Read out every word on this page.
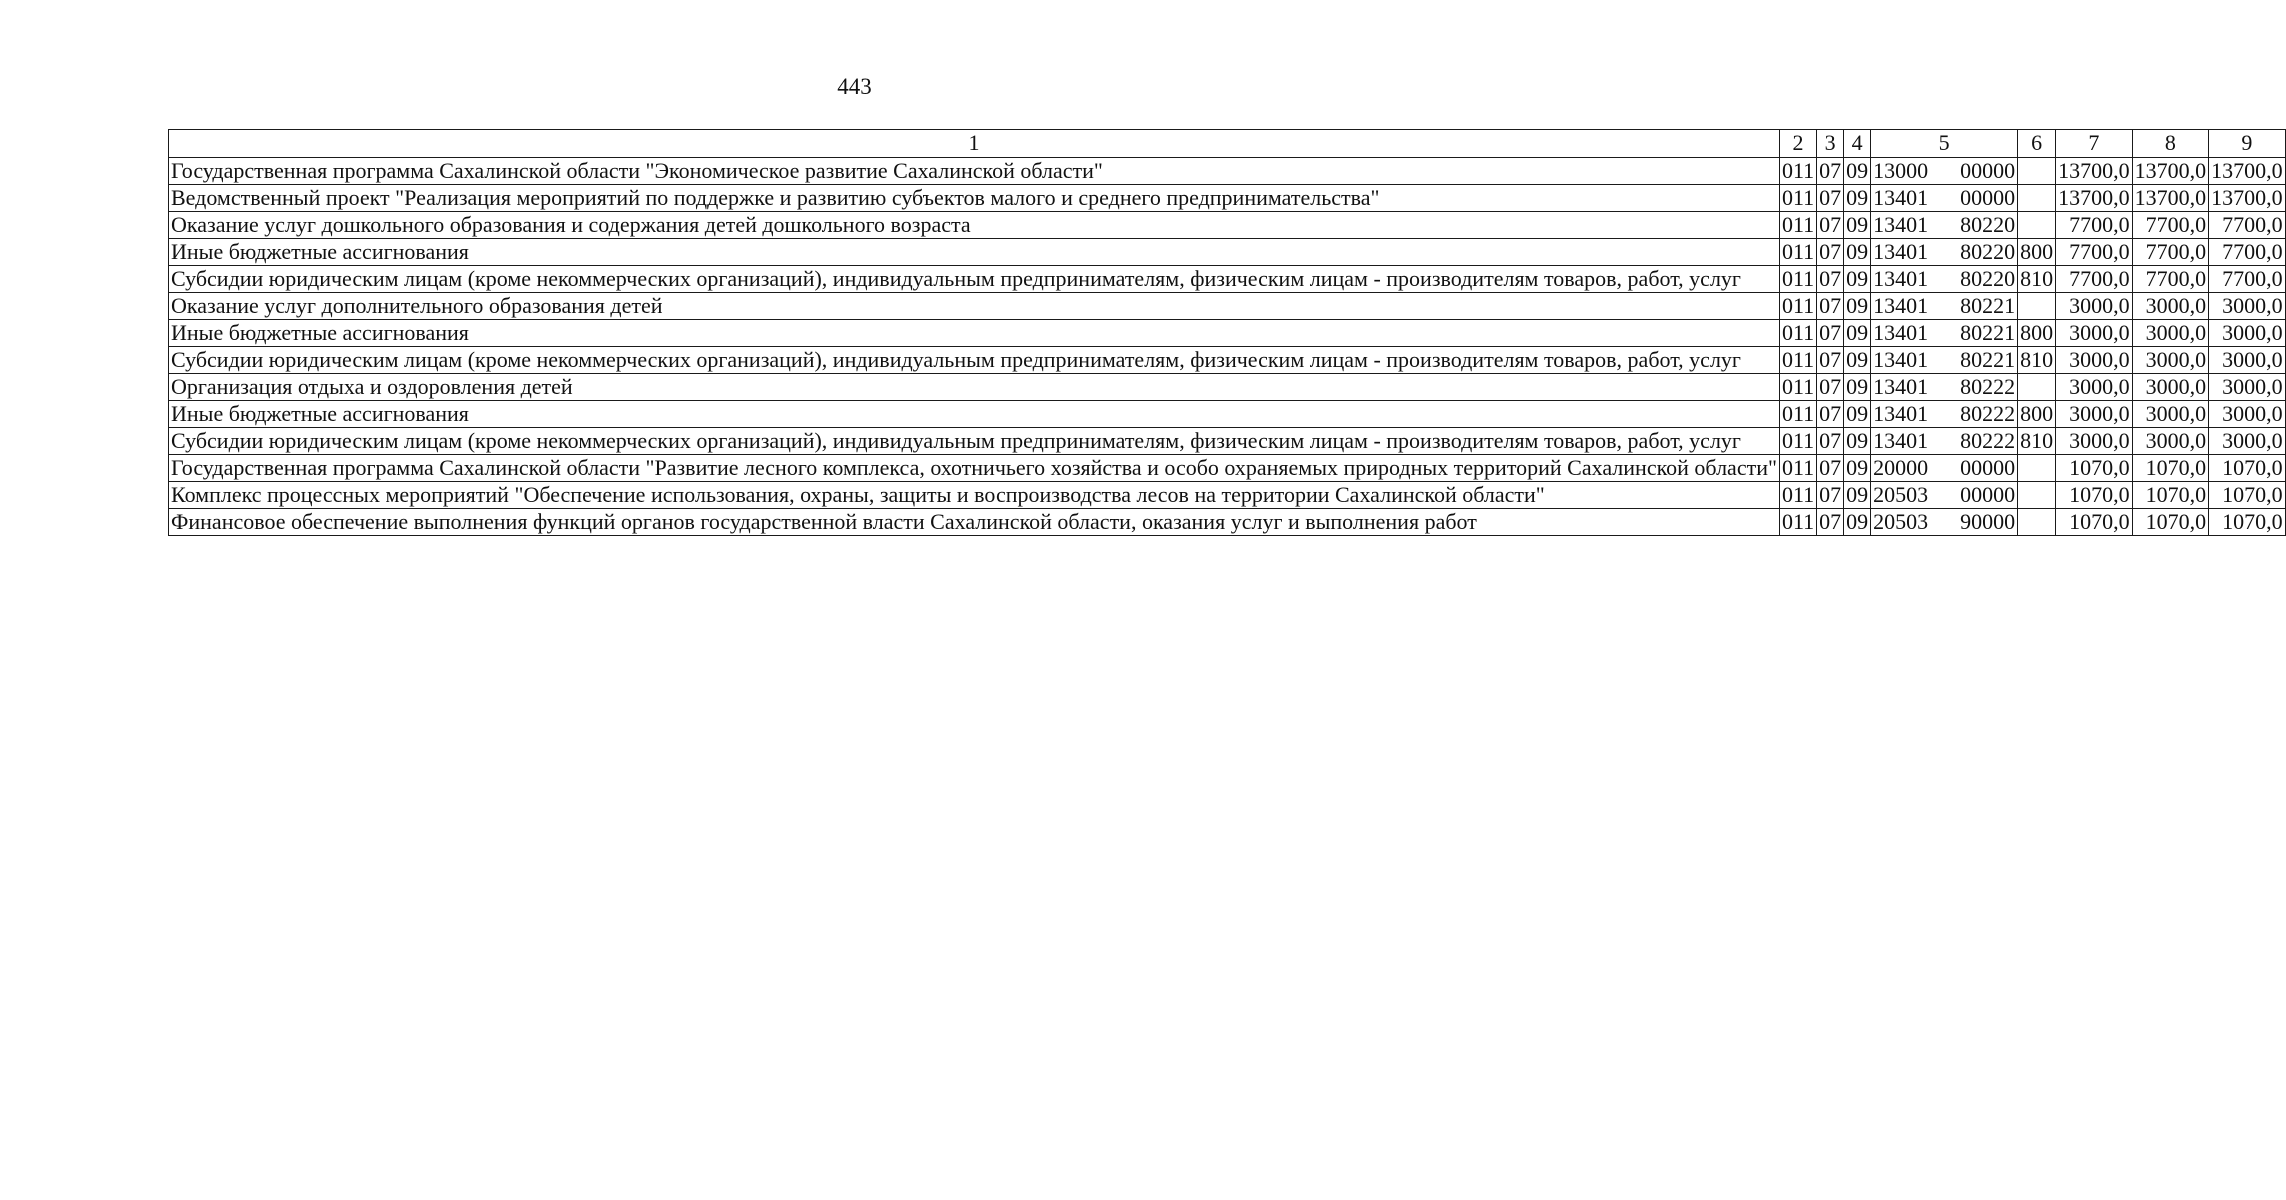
443
1	2	3	4	5	6	7	8	9
Государственная программа Сахалинской области "Экономическое развитие Сахалинской области"	011	07	09	13000 00000		13700,0	13700,0	13700,0
Ведомственный проект "Реализация мероприятий по поддержке и развитию субъектов малого и среднего предпринимательства"	011	07	09	13401 00000		13700,0	13700,0	13700,0
Оказание услуг дошкольного образования и содержания детей дошкольного возраста	011	07	09	13401 80220		7700,0	7700,0	7700,0
Иные бюджетные ассигнования	011	07	09	13401 80220	800	7700,0	7700,0	7700,0
Субсидии юридическим лицам (кроме некоммерческих организаций), индивидуальным предпринимателям, физическим лицам - производителям товаров, работ, услуг	011	07	09	13401 80220	810	7700,0	7700,0	7700,0
Оказание услуг дополнительного образования детей	011	07	09	13401 80221		3000,0	3000,0	3000,0
Иные бюджетные ассигнования	011	07	09	13401 80221	800	3000,0	3000,0	3000,0
Субсидии юридическим лицам (кроме некоммерческих организаций), индивидуальным предпринимателям, физическим лицам - производителям товаров, работ, услуг	011	07	09	13401 80221	810	3000,0	3000,0	3000,0
Организация отдыха и оздоровления детей	011	07	09	13401 80222		3000,0	3000,0	3000,0
Иные бюджетные ассигнования	011	07	09	13401 80222	800	3000,0	3000,0	3000,0
Субсидии юридическим лицам (кроме некоммерческих организаций), индивидуальным предпринимателям, физическим лицам - производителям товаров, работ, услуг	011	07	09	13401 80222	810	3000,0	3000,0	3000,0
Государственная программа Сахалинской области "Развитие лесного комплекса, охотничьего хозяйства и особо охраняемых природных территорий Сахалинской области"	011	07	09	20000 00000		1070,0	1070,0	1070,0
Комплекс процессных мероприятий "Обеспечение использования, охраны, защиты и воспроизводства лесов на территории Сахалинской области"	011	07	09	20503 00000		1070,0	1070,0	1070,0
Финансовое обеспечение выполнения функций органов государственной власти Сахалинской области, оказания услуг и выполнения работ	011	07	09	20503 90000		1070,0	1070,0	1070,0
